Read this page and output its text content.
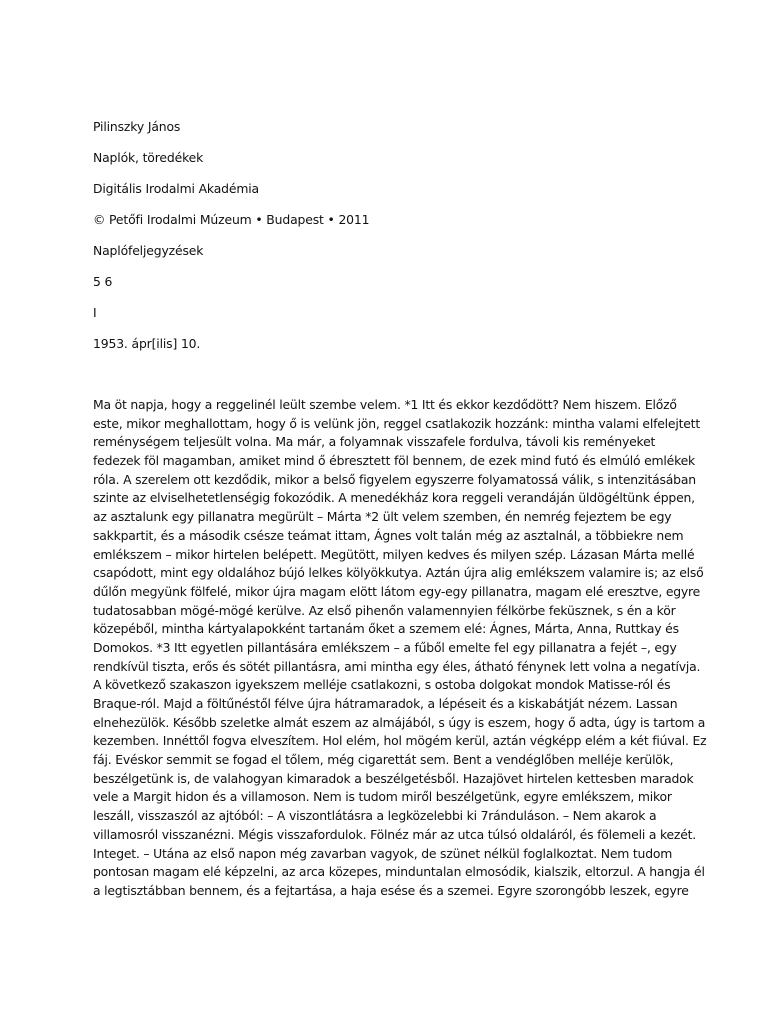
Pilinszky János
Naplók, töredékek
Digitális Irodalmi Akadémia
© Petőfi Irodalmi Múzeum • Budapest • 2011
Naplófeljegyzések
5 6
I
1953. ápr[ilis] 10.
Ma öt napja, hogy a reggelinél leült szembe velem. *1 Itt és ekkor kezdődött? Nem hiszem. Előző
este, mikor meghallottam, hogy ő is velünk jön, reggel csatlakozik hozzánk: mintha valami elfelejtett
reménységem teljesült volna. Ma már, a folyamnak visszafele fordulva, távoli kis reményeket
fedezek föl magamban, amiket mind ő ébresztett föl bennem, de ezek mind futó és elmúló emlékek
róla. A szerelem ott kezdődik, mikor a belső figyelem egyszerre folyamatossá válik, s intenzitásában
szinte az elviselhetetlenségig fokozódik. A menedékház kora reggeli verandáján üldögéltünk éppen,
az asztalunk egy pillanatra megürült – Márta *2 ült velem szemben, én nemrég fejeztem be egy
sakkpartit, és a második csésze teámat ittam, Ágnes volt talán még az asztalnál, a többiekre nem
emlékszem – mikor hirtelen belépett. Megütött, milyen kedves és milyen szép. Lázasan Márta mellé
csapódott, mint egy oldalához bújó lelkes kölyökkutya. Aztán újra alig emlékszem valamire is; az első
dűlőn megyünk fölfelé, mikor újra magam elött látom egy-egy pillanatra, magam elé eresztve, egyre
tudatosabban mögé-mögé kerülve. Az első pihenőn valamennyien félkörbe feküsznek, s én a kör
közepéből, mintha kártyalapokként tartanám őket a szemem elé: Ágnes, Márta, Anna, Ruttkay és
Domokos. *3 Itt egyetlen pillantására emlékszem – a fűből emelte fel egy pillanatra a fejét –, egy
rendkívül tiszta, erős és sötét pillantásra, ami mintha egy éles, átható fénynek lett volna a negatívja.
A következő szakaszon igyekszem melléje csatlakozni, s ostoba dolgokat mondok Matisse-ról és
Braque-ról. Majd a föltűnéstől félve újra hátramaradok, a lépéseit és a kiskabátját nézem. Lassan
elnehezülök. Később szeletke almát eszem az almájából, s úgy is eszem, hogy ő adta, úgy is tartom a
kezemben. Innéttől fogva elveszítem. Hol elém, hol mögém kerül, aztán végképp elém a két fiúval. Ez
fáj. Evéskor semmit se fogad el tőlem, még cigarettát sem. Bent a vendéglőben melléje kerülök,
beszélgetünk is, de valahogyan kimaradok a beszélgetésből. Hazajövet hirtelen kettesben maradok
vele a Margit hidon és a villamoson. Nem is tudom miről beszélgetünk, egyre emlékszem, mikor
leszáll, visszaszól az ajtóból: – A viszontlátásra a legközelebbi ki 7ránduláson. – Nem akarok a
villamosról visszanézni. Mégis visszafordulok. Fölnéz már az utca túlsó oldaláról, és fölemeli a kezét.
Integet. – Utána az első napon még zavarban vagyok, de szünet nélkül foglalkoztat. Nem tudom
pontosan magam elé képzelni, az arca közepes, minduntalan elmosódik, kialszik, eltorzul. A hangja él
a legtisztábban bennem, és a fejtartása, a haja esése és a szemei. Egyre szorongóbb leszek, egyre
